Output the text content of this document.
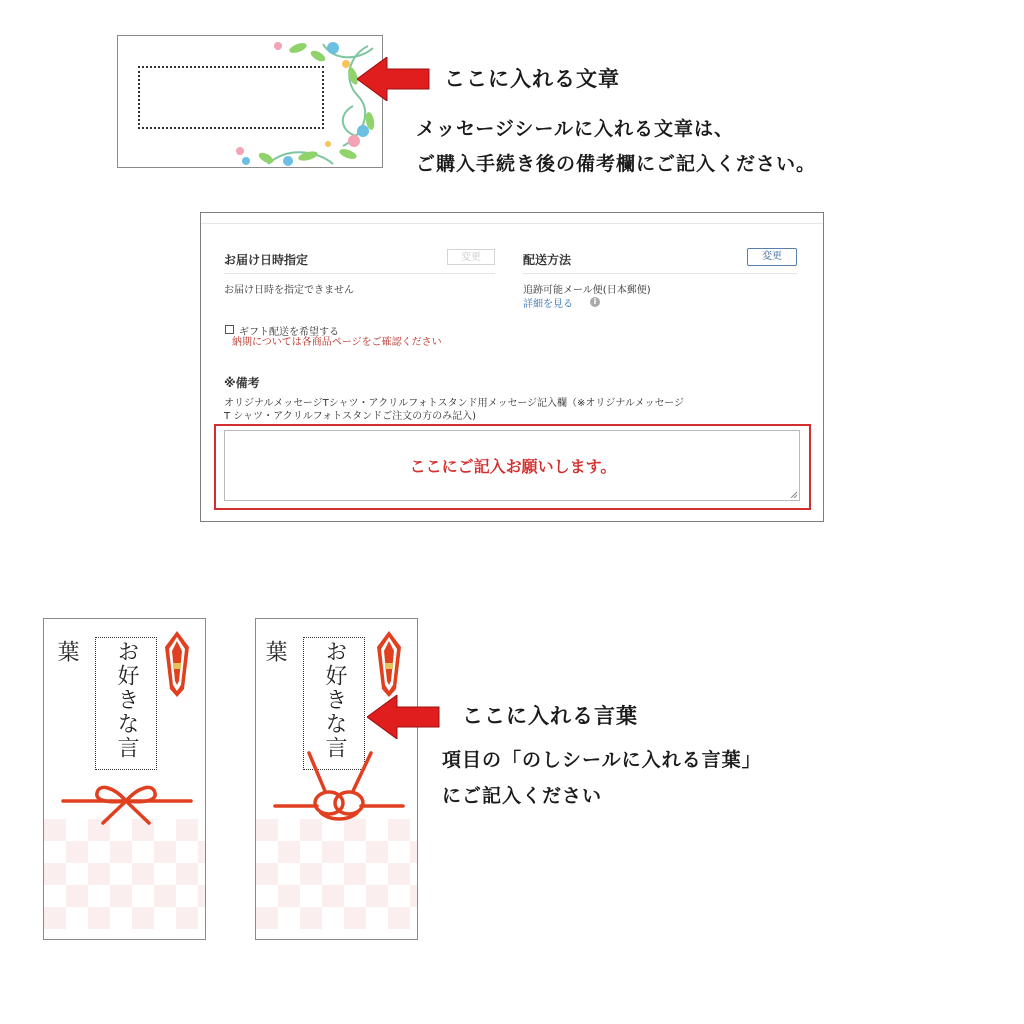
ここに入れる文章
メッセージシールに入れる文章は、
ご購入手続き後の備考欄にご記入ください。
お届け日時指定	変更
お届け日時を指定できません
配送方法	変更
追跡可能メール便(日本郵便)
詳細を見る	i
ギフト配送を希望する
納期については各商品ページをご確認ください
※備考
オリジナルメッセージTシャツ・アクリルフォトスタンド用メッセージ記入欄（※オリジナルメッセージ
T シャツ・アクリルフォトスタンドご注文の方のみ記入)
ここにご記入お願いします。
お好きな言葉	お好きな言葉
ここに入れる言葉
項目の「のしシールに入れる言葉」
にご記入ください
